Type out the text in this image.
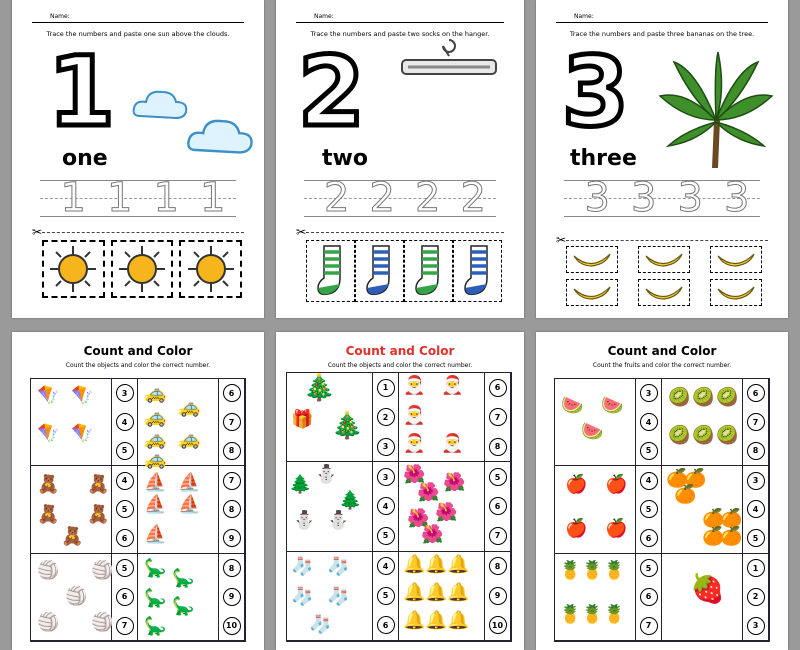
Name:
Trace the numbers and paste one sun above the clouds.
1
one
1 1 1 1
✂
Name:
Trace the numbers and paste two socks on the hanger.
2
two
2 2 2 2
✂
Name:
Trace the numbers and paste three bananas on the tree.
3
three
3 3 3 3
✂
Count and Color
Count the objects and color the correct number.
🪁 🪁
🪁 🪁
3
4
5
🚕
🚕
🚕
🚕 🚕
🚕
6
7
8
🧸 🧸
🧸 🧸
🧸
4
5
6
⛵ ⛵
⛵ ⛵
⛵
7
8
9
🏐 🏐
🏐
🏐 🏐
5
6
7
🦕 🦕
🦕 🦕
🦕
8
9
10
Count and Color
Count the objects and color the correct number.
🎄
🎄
🎁
1
2
3
🎅 🎅
🎅
🎅 🎅
6
7
8
⛄
🌲
🌲
⛄ ⛄
3
4
5
🌺
🌺 🌺
🌺 🌺
🌺
5
6
7
🧦 🧦
🧦 🧦
🧦
4
5
6
🔔 🔔 🔔
🔔 🔔 🔔
🔔 🔔 🔔
8
9
10
Count and Color
Count the fruits and color the correct number.
🍉 🍉
🍉
3
4
5
🥝 🥝 🥝
🥝 🥝 🥝
6
7
8
🍎 🍎
🍎 🍎
4
5
6
🍊
🍊
🍊
🍊
🍊
🍊
🍊
3
4
5
🍍 🍍 🍍
🍍 🍍 🍍
5
6
7
🍓
1
2
3
